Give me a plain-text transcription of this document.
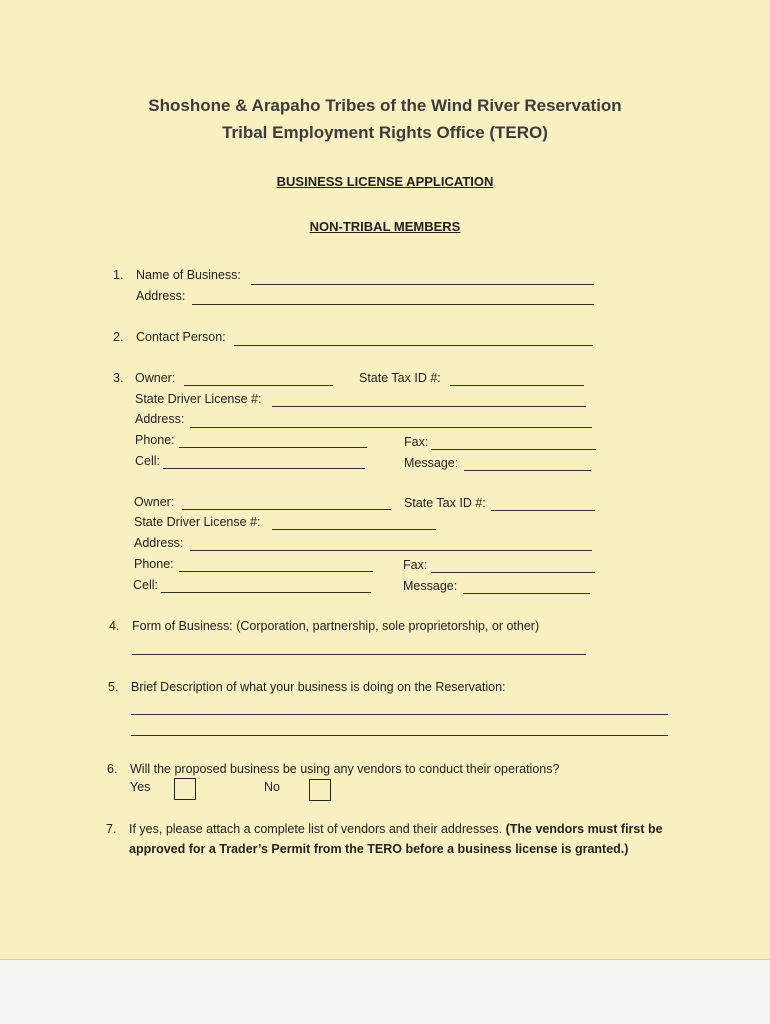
Shoshone & Arapaho Tribes of the Wind River Reservation
Tribal Employment Rights Office (TERO)
BUSINESS LICENSE APPLICATION
NON-TRIBAL MEMBERS
1. Name of Business:
Address:
2. Contact Person:
3. Owner:	State Tax ID #:
State Driver License #:
Address:
Phone:	Fax:
Cell:	Message:
Owner:	State Tax ID #:
State Driver License #:
Address:
Phone:	Fax:
Cell:	Message:
4. Form of Business: (Corporation, partnership, sole proprietorship, or other)
5. Brief Description of what your business is doing on the Reservation:
6. Will the proposed business be using any vendors to conduct their operations?
Yes	No
7. If yes, please attach a complete list of vendors and their addresses. (The vendors must first be approved for a Trader’s Permit from the TERO before a business license is granted.)
